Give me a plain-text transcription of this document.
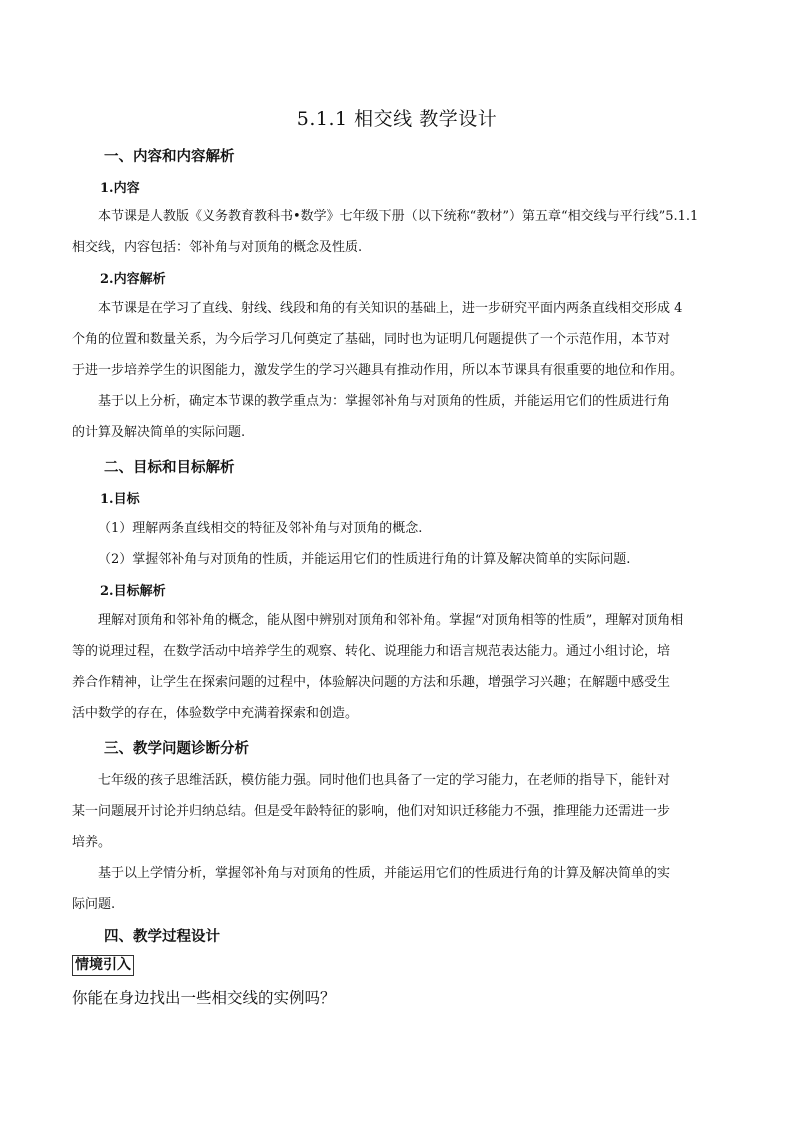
5.1.1 相交线 教学设计
一、内容和内容解析
1.内容
本节课是人教版《义务教育教科书•数学》七年级下册（以下统称“教材”）第五章“相交线与平行线”5.1.1
相交线，内容包括：邻补角与对顶角的概念及性质.
2.内容解析
本节课是在学习了直线、射线、线段和角的有关知识的基础上，进一步研究平面内两条直线相交形成 4
个角的位置和数量关系，为今后学习几何奠定了基础，同时也为证明几何题提供了一个示范作用，本节对
于进一步培养学生的识图能力，激发学生的学习兴趣具有推动作用，所以本节课具有很重要的地位和作用。
基于以上分析，确定本节课的教学重点为：掌握邻补角与对顶角的性质，并能运用它们的性质进行角
的计算及解决简单的实际问题.
二、目标和目标解析
1.目标
（1）理解两条直线相交的特征及邻补角与对顶角的概念.
（2）掌握邻补角与对顶角的性质，并能运用它们的性质进行角的计算及解决简单的实际问题.
2.目标解析
理解对顶角和邻补角的概念，能从图中辨别对顶角和邻补角。掌握“对顶角相等的性质”，理解对顶角相
等的说理过程，在数学活动中培养学生的观察、转化、说理能力和语言规范表达能力。通过小组讨论，培
养合作精神，让学生在探索问题的过程中，体验解决问题的方法和乐趣，增强学习兴趣；在解题中感受生
活中数学的存在，体验数学中充满着探索和创造。
三、教学问题诊断分析
七年级的孩子思维活跃，模仿能力强。同时他们也具备了一定的学习能力，在老师的指导下，能针对
某一问题展开讨论并归纳总结。但是受年龄特征的影响，他们对知识迁移能力不强，推理能力还需进一步
培养。
基于以上学情分析，掌握邻补角与对顶角的性质，并能运用它们的性质进行角的计算及解决简单的实
际问题.
四、教学过程设计
情境引入
你能在身边找出一些相交线的实例吗？
